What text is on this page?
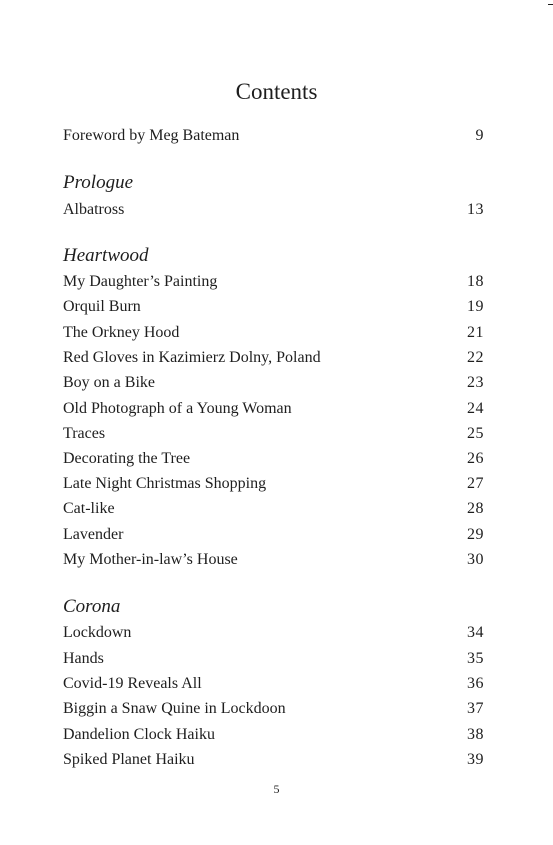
Contents
Foreword by Meg Bateman	9
Prologue
Albatross	13
Heartwood
My Daughter’s Painting	18
Orquil Burn	19
The Orkney Hood	21
Red Gloves in Kazimierz Dolny, Poland	22
Boy on a Bike	23
Old Photograph of a Young Woman	24
Traces	25
Decorating the Tree	26
Late Night Christmas Shopping	27
Cat-like	28
Lavender	29
My Mother-in-law’s House	30
Corona
Lockdown	34
Hands	35
Covid-19 Reveals All	36
Biggin a Snaw Quine in Lockdoon	37
Dandelion Clock Haiku	38
Spiked Planet Haiku	39
5
